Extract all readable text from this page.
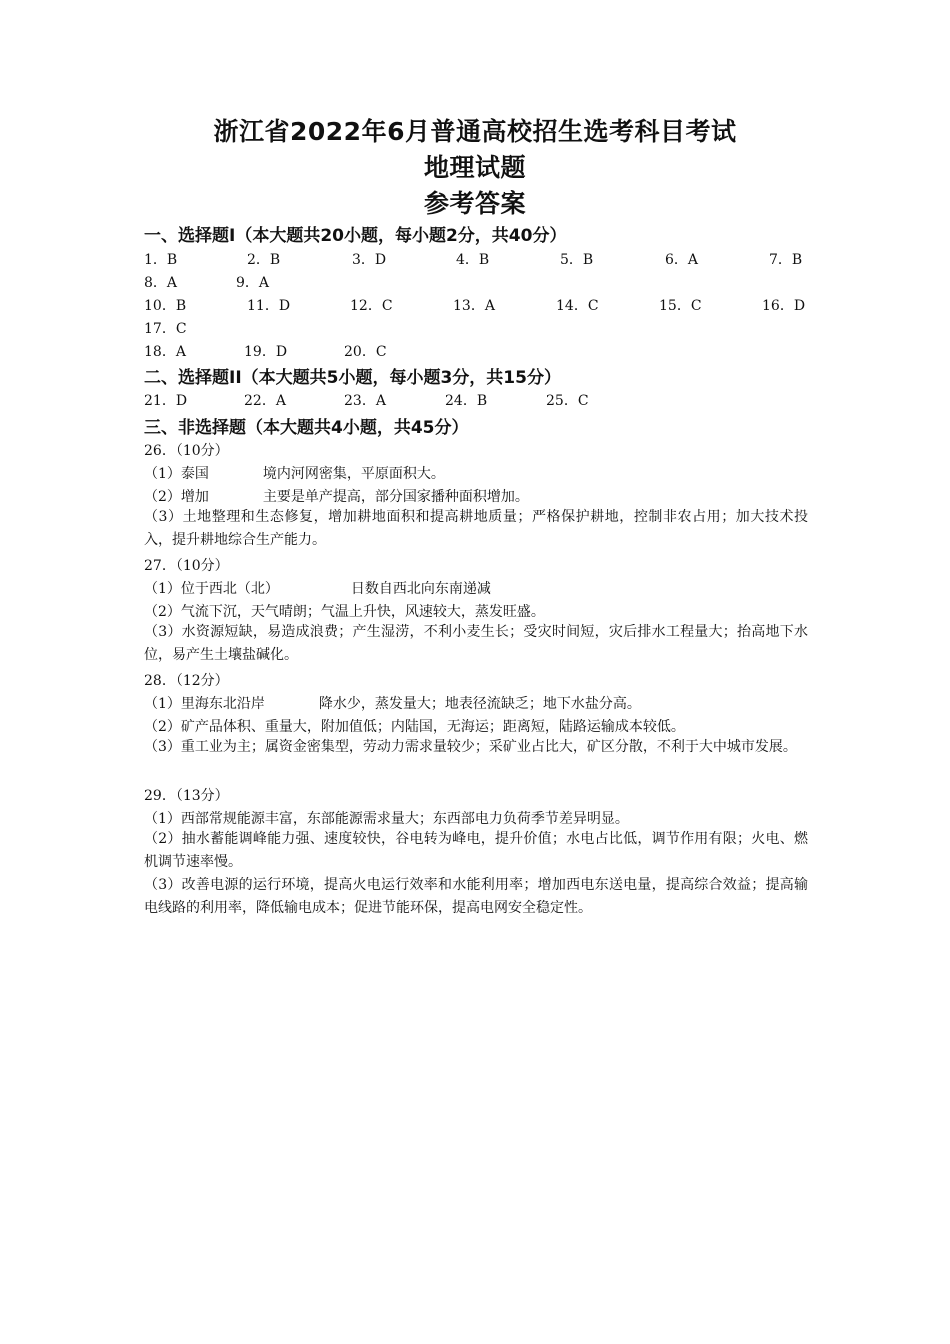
浙江省2022年6月普通高校招生选考科目考试
地理试题
参考答案
一、选择题Ⅰ（本大题共20小题，每小题2分，共40分）
1．B	2．B	3．D	4．B	5．B	6．A	7．B
8．A	9．A
10．B	11．D	12．C	13．A	14．C	15．C	16．D
17．C
18．A	19．D	20．C
二、选择题II（本大题共5小题，每小题3分，共15分）
21．D	22．A	23．A	24．B	25．C
三、非选择题（本大题共4小题，共45分）
26．（10分）
（1）泰国	境内河网密集，平原面积大。
（2）增加	主要是单产提高，部分国家播种面积增加。
（3）土地整理和生态修复，增加耕地面积和提高耕地质量；严格保护耕地，控制非农占用；加大技术投入，提升耕地综合生产能力。
27．（10分）
（1）位于西北（北）	日数自西北向东南递减
（2）气流下沉，天气晴朗；气温上升快，风速较大，蒸发旺盛。
（3）水资源短缺，易造成浪费；产生湿涝，不利小麦生长；受灾时间短，灾后排水工程量大；抬高地下水位，易产生土壤盐碱化。
28．（12分）
（1）里海东北沿岸	降水少，蒸发量大；地表径流缺乏；地下水盐分高。
（2）矿产品体积、重量大，附加值低；内陆国，无海运；距离短，陆路运输成本较低。
（3）重工业为主；属资金密集型，劳动力需求量较少；采矿业占比大，矿区分散，不利于大中城市发展。
29．（13分）
（1）西部常规能源丰富，东部能源需求量大；东西部电力负荷季节差异明显。
（2）抽水蓄能调峰能力强、速度较快，谷电转为峰电，提升价值；水电占比低，调节作用有限；火电、燃机调节速率慢。
（3）改善电源的运行环境，提高火电运行效率和水能利用率；增加西电东送电量，提高综合效益；提高输电线路的利用率，降低输电成本；促进节能环保，提高电网安全稳定性。
